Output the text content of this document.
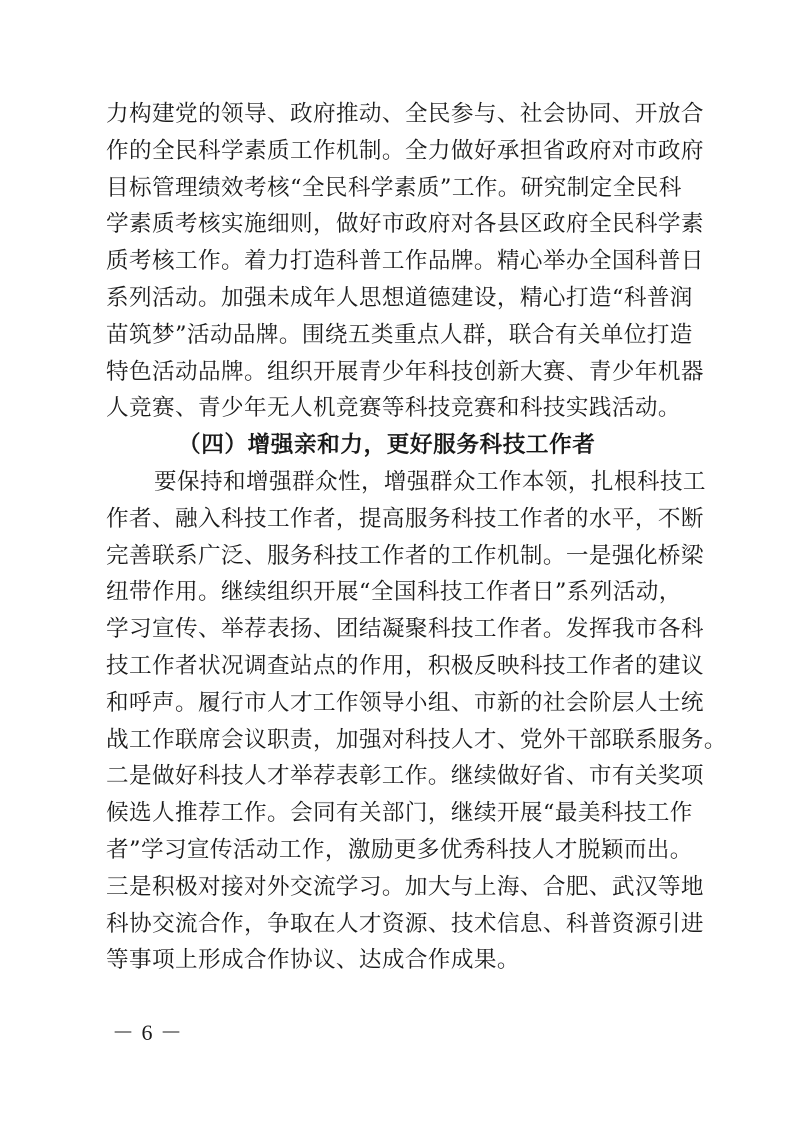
力构建党的领导、政府推动、全民参与、社会协同、开放合
作的全民科学素质工作机制。全力做好承担省政府对市政府
目标管理绩效考核“全民科学素质”工作。研究制定全民科
学素质考核实施细则，做好市政府对各县区政府全民科学素
质考核工作。着力打造科普工作品牌。精心举办全国科普日
系列活动。加强未成年人思想道德建设，精心打造“科普润
苗筑梦”活动品牌。围绕五类重点人群，联合有关单位打造
特色活动品牌。组织开展青少年科技创新大赛、青少年机器
人竞赛、青少年无人机竞赛等科技竞赛和科技实践活动。
（四）增强亲和力，更好服务科技工作者
要保持和增强群众性，增强群众工作本领，扎根科技工
作者、融入科技工作者，提高服务科技工作者的水平，不断
完善联系广泛、服务科技工作者的工作机制。一是强化桥梁
纽带作用。继续组织开展“全国科技工作者日”系列活动，
学习宣传、举荐表扬、团结凝聚科技工作者。发挥我市各科
技工作者状况调查站点的作用，积极反映科技工作者的建议
和呼声。履行市人才工作领导小组、市新的社会阶层人士统
战工作联席会议职责，加强对科技人才、党外干部联系服务。
二是做好科技人才举荐表彰工作。继续做好省、市有关奖项
候选人推荐工作。会同有关部门，继续开展“最美科技工作
者”学习宣传活动工作，激励更多优秀科技人才脱颖而出。
三是积极对接对外交流学习。加大与上海、合肥、武汉等地
科协交流合作，争取在人才资源、技术信息、科普资源引进
等事项上形成合作协议、达成合作成果。
－ 6 －
